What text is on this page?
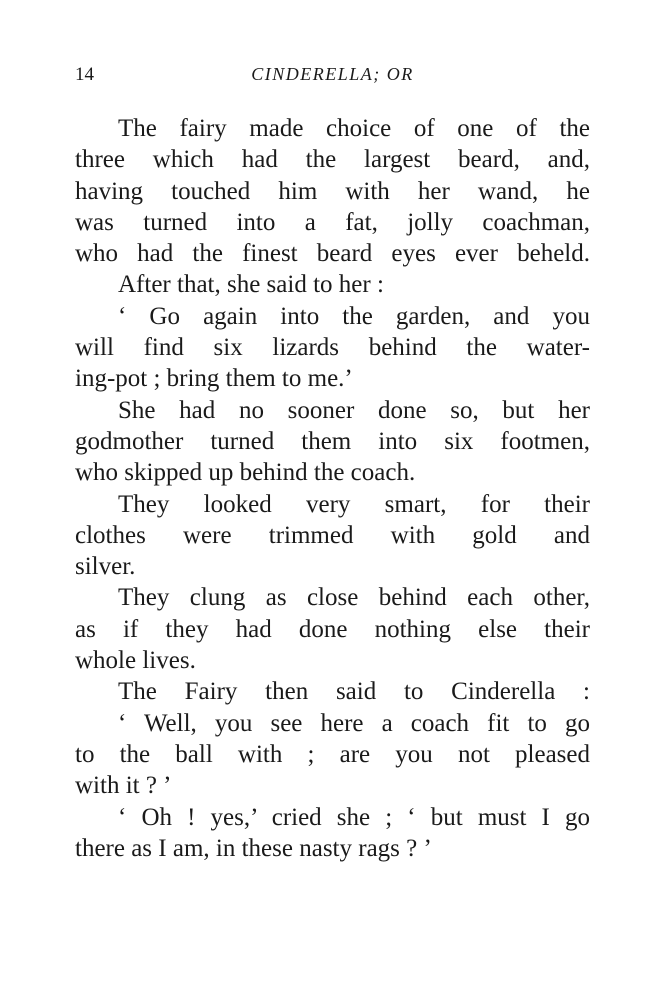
14	CINDERELLA; OR
The fairy made choice of one of the
three which had the largest beard, and,
having touched him with her wand, he
was turned into a fat, jolly coachman,
who had the finest beard eyes ever beheld.
After that, she said to her :
‘ Go again into the garden, and you
will find six lizards behind the water-
ing-pot ; bring them to me.’
She had no sooner done so, but her
godmother turned them into six footmen,
who skipped up behind the coach.
They looked very smart, for their
clothes were trimmed with gold and
silver.
They clung as close behind each other,
as if they had done nothing else their
whole lives.
The Fairy then said to Cinderella :
‘ Well, you see here a coach fit to go
to the ball with ; are you not pleased
with it ? ’
‘ Oh ! yes,’ cried she ; ‘ but must I go
there as I am, in these nasty rags ? ’
